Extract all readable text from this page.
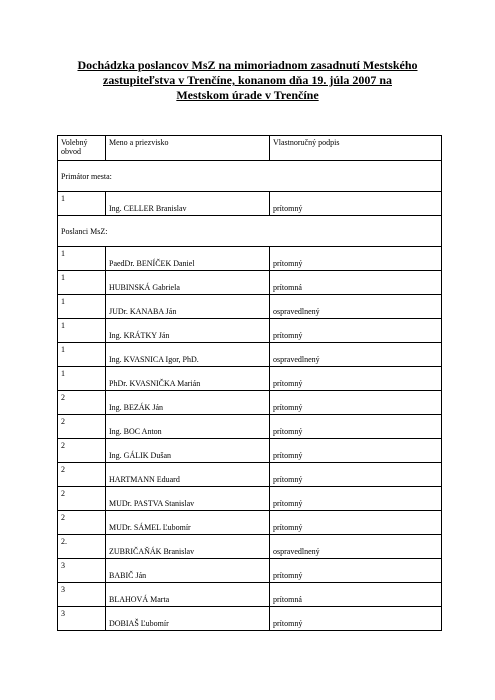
Dochádzka poslancov MsZ na mimoriadnom zasadnutí Mestského
zastupiteľstva v Trenčíne, konanom dňa 19. júla 2007 na
Mestskom úrade v Trenčíne
Volebný obvod	Meno a priezvisko	Vlastnoručný podpis
Primátor mesta:		
1	Ing. CELLER Branislav	prítomný
Poslanci MsZ:		
1	PaedDr. BENÍČEK Daniel	prítomný
1	HUBINSKÁ Gabriela	prítomná
1	JUDr. KANABA Ján	ospravedlnený
1	Ing. KRÁTKY Ján	prítomný
1	Ing. KVASNICA Igor, PhD.	ospravedlnený
1	PhDr. KVASNIČKA Marián	prítomný
2	Ing. BEZÁK Ján	prítomný
2	Ing. BOC Anton	prítomný
2	Ing. GÁLIK Dušan	prítomný
2	HARTMANN Eduard	prítomný
2	MUDr. PASTVA Stanislav	prítomný
2	MUDr. SÁMEL Ľubomír	prítomný
2.	ZUBRIČAŇÁK Branislav	ospravedlnený
3	BABIČ Ján	prítomný
3	BLAHOVÁ Marta	prítomná
3	DOBIAŠ Ľubomír	prítomný
